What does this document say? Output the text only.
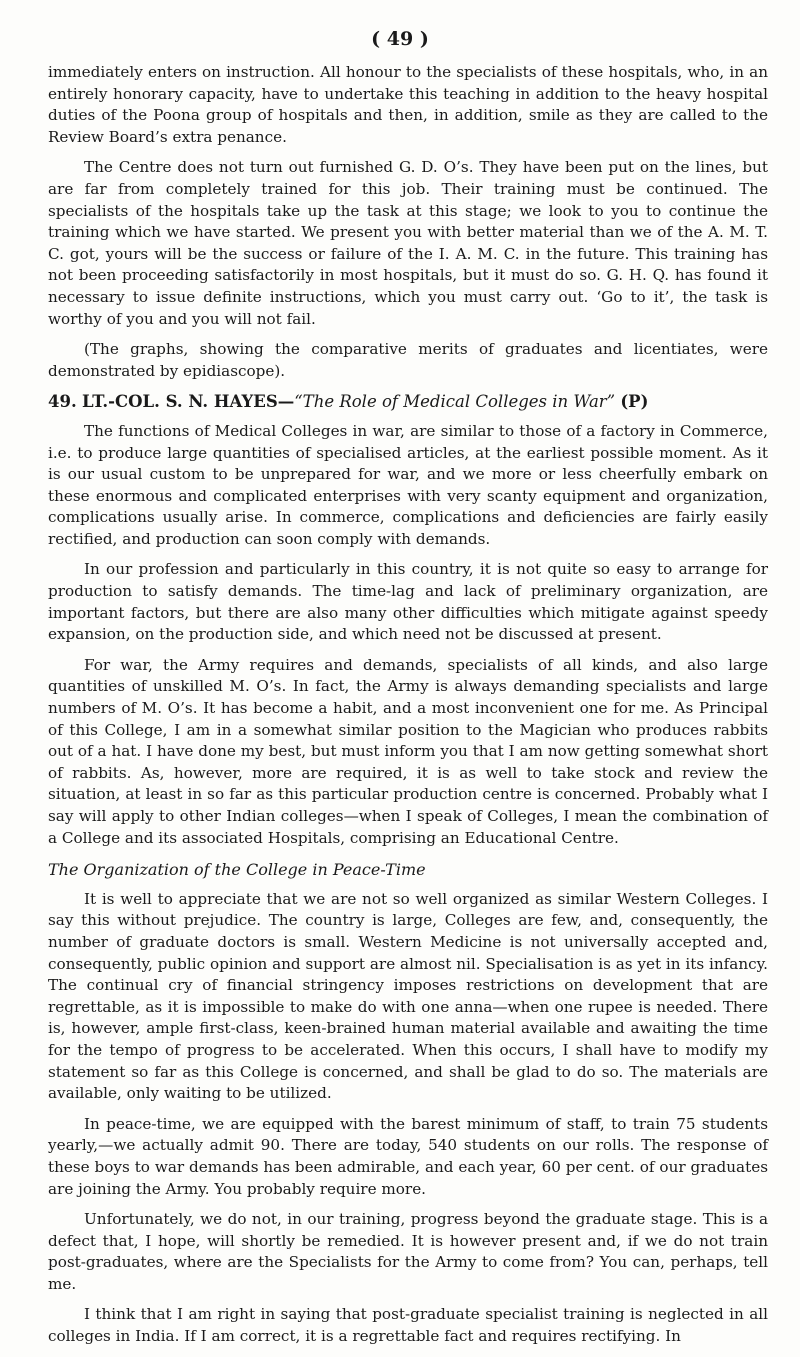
( 49 )

immediately enters on instruction. All honour to the specialists of these hospitals, who, in an entirely honorary capacity, have to undertake this teaching in addition to the heavy hospital duties of the Poona group of hospitals and then, in addition, smile as they are called to the Review Board’s extra penance.

The Centre does not turn out furnished G. D. O’s. They have been put on the lines, but are far from completely trained for this job. Their training must be continued. The specialists of the hospitals take up the task at this stage; we look to you to continue the training which we have started. We present you with better material than we of the A. M. T. C. got, yours will be the success or failure of the I. A. M. C. in the future. This training has not been proceeding satisfactorily in most hospitals, but it must do so. G. H. Q. has found it necessary to issue definite instructions, which you must carry out. ‘Go to it’, the task is worthy of you and you will not fail.

(The graphs, showing the comparative merits of graduates and licentiates, were demonstrated by epidiascope).

49. LT.-COL. S. N. HAYES—“The Role of Medical Colleges in War” (P)

The functions of Medical Colleges in war, are similar to those of a factory in Commerce, i.e. to produce large quantities of specialised articles, at the earliest possible moment. As it is our usual custom to be unprepared for war, and we more or less cheerfully embark on these enormous and complicated enterprises with very scanty equipment and organization, complications usually arise. In commerce, complications and deficiencies are fairly easily rectified, and production can soon comply with demands.

In our profession and particularly in this country, it is not quite so easy to arrange for production to satisfy demands. The time-lag and lack of preliminary organization, are important factors, but there are also many other difficulties which mitigate against speedy expansion, on the production side, and which need not be discussed at present.

For war, the Army requires and demands, specialists of all kinds, and also large quantities of unskilled M. O’s. In fact, the Army is always demanding specialists and large numbers of M. O’s. It has become a habit, and a most inconvenient one for me. As Principal of this College, I am in a somewhat similar position to the Magician who produces rabbits out of a hat. I have done my best, but must inform you that I am now getting somewhat short of rabbits. As, however, more are required, it is as well to take stock and review the situation, at least in so far as this particular production centre is concerned. Probably what I say will apply to other Indian colleges—when I speak of Colleges, I mean the combination of a College and its associated Hospitals, comprising an Educational Centre.

The Organization of the College in Peace-Time

It is well to appreciate that we are not so well organized as similar Western Colleges. I say this without prejudice. The country is large, Colleges are few, and, consequently, the number of graduate doctors is small. Western Medicine is not universally accepted and, consequently, public opinion and support are almost nil. Specialisation is as yet in its infancy. The continual cry of financial stringency imposes restrictions on development that are regrettable, as it is impossible to make do with one anna—when one rupee is needed. There is, however, ample first-class, keen-brained human material available and awaiting the time for the tempo of progress to be accelerated. When this occurs, I shall have to modify my statement so far as this College is concerned, and shall be glad to do so. The materials are available, only waiting to be utilized.

In peace-time, we are equipped with the barest minimum of staff, to train 75 students yearly,—we actually admit 90. There are today, 540 students on our rolls. The response of these boys to war demands has been admirable, and each year, 60 per cent. of our graduates are joining the Army. You probably require more.

Unfortunately, we do not, in our training, progress beyond the graduate stage. This is a defect that, I hope, will shortly be remedied. It is however present and, if we do not train post-graduates, where are the Specialists for the Army to come from? You can, perhaps, tell me.

I think that I am right in saying that post-graduate specialist training is neglected in all colleges in India. If I am correct, it is a regrettable fact and requires rectifying. In
